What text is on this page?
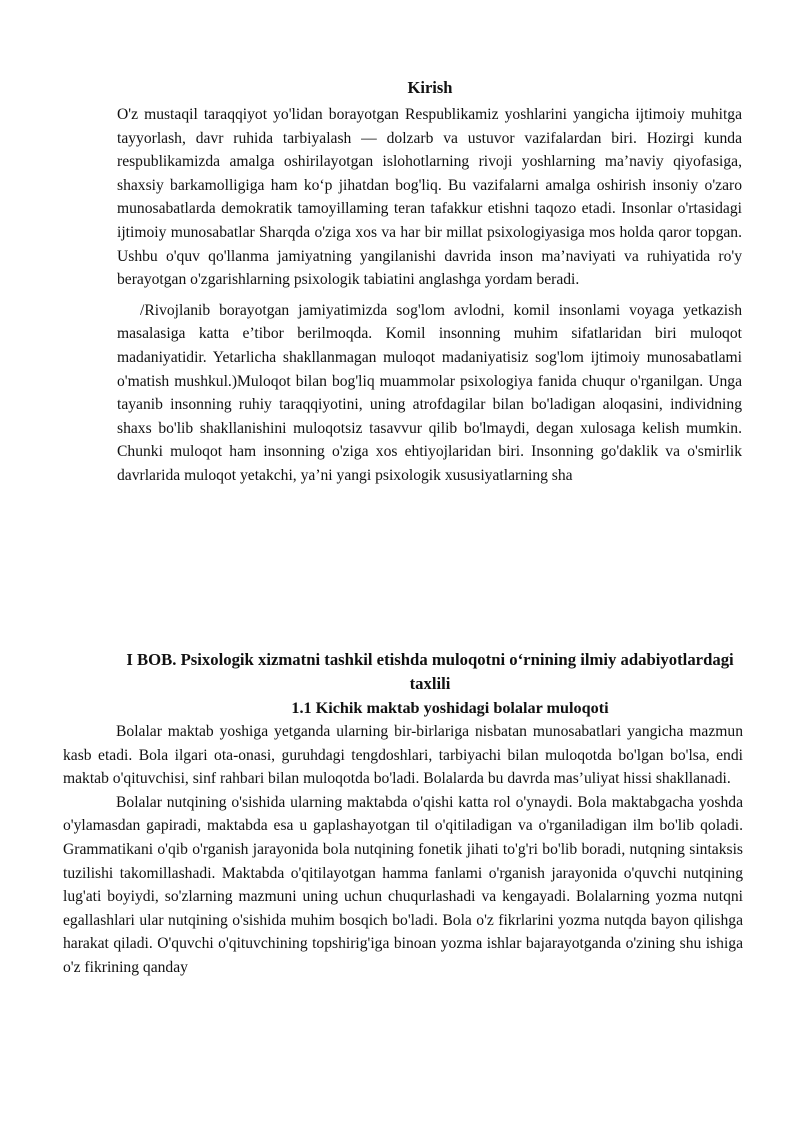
Kirish

O'z mustaqil taraqqiyot yo'lidan borayotgan Respublikamiz yoshlarini yangicha ijtimoiy muhitga tayyorlash, davr ruhida tarbiyalash — dolzarb va ustuvor vazifalardan biri. Hozirgi kunda respublikamizda amalga oshirilayotgan islohotlarning rivoji yoshlarning ma’naviy qiyofasiga, shaxsiy barkamolligiga ham ko‘p jihatdan bog'liq. Bu vazifalarni amalga oshirish insoniy o'zaro munosabatlarda demokratik tamoyillaming teran tafakkur etishni taqozo etadi. Insonlar o'rtasidagi ijtimoiy munosabatlar Sharqda o'ziga xos va har bir millat psixologiyasiga mos holda qaror topgan. Ushbu o'quv qo'llanma jamiyatning yangilanishi davrida inson ma’naviyati va ruhiyatida ro'y berayotgan o'zgarishlarning psixologik tabiatini anglashga yordam beradi.

/Rivojlanib borayotgan jamiyatimizda sog'lom avlodni, komil insonlami voyaga yetkazish masalasiga katta e’tibor berilmoqda. Komil insonning muhim sifatlaridan biri muloqot madaniyatidir. Yetarlicha shakllanmagan muloqot madaniyatisiz sog'lom ijtimoiy munosabatlami o'matish mushkul.)Muloqot bilan bog'liq muammolar psixologiya fanida chuqur o'rganilgan. Unga tayanib insonning ruhiy taraqqiyotini, uning atrofdagilar bilan bo'ladigan aloqasini, individning shaxs bo'lib shakllanishini muloqotsiz tasavvur qilib bo'lmaydi, degan xulosaga kelish mumkin. Chunki muloqot ham insonning o'ziga xos ehtiyojlaridan biri. Insonning go'daklik va o'smirlik davrlarida muloqot yetakchi, ya’ni yangi psixologik xususiyatlarning sha

I BOB. Psixologik xizmatni tashkil etishda muloqotni o‘rnining ilmiy adabiyotlardagi taxlili
1.1 Kichik maktab yoshidagi bolalar muloqoti

Bolalar maktab yoshiga yetganda ularning bir-birlariga nisbatan munosabatlari yangicha mazmun kasb etadi. Bola ilgari ota-onasi, guruhdagi tengdoshlari, tarbiyachi bilan muloqotda bo'lgan bo'lsa, endi maktab o'qituvchisi, sinf rahbari bilan muloqotda bo'ladi. Bolalarda bu davrda mas’uliyat hissi shakllanadi.

Bolalar nutqining o'sishida ularning maktabda o'qishi katta rol o'ynaydi. Bola maktabgacha yoshda o'ylamasdan gapiradi, maktabda esa u gaplashayotgan til o'qitiladigan va o'rganiladigan ilm bo'lib qoladi. Grammatikani o'qib o'rganish jarayonida bola nutqining fonetik jihati to'g'ri bo'lib boradi, nutqning sintaksis tuzilishi takomillashadi. Maktabda o'qitilayotgan hamma fanlami o'rganish jarayonida o'quvchi nutqining lug'ati boyiydi, so'zlarning mazmuni uning uchun chuqurlashadi va kengayadi. Bolalarning yozma nutqni egallashlari ular nutqining o'sishida muhim bosqich bo'ladi. Bola o'z fikrlarini yozma nutqda bayon qilishga harakat qiladi. O'quvchi o'qituvchining topshirig'iga binoan yozma ishlar bajarayotganda o'zining shu ishiga o'z fikrining qanday
